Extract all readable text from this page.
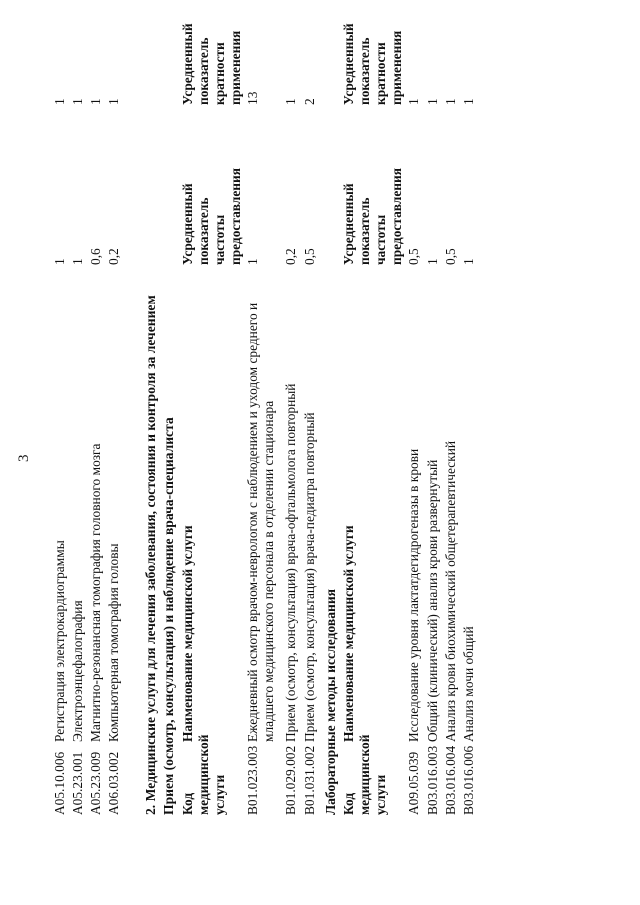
3
A05.10.006
Регистрация электрокардиограммы
1
1
A05.23.001
Электроэнцефалография
1
1
A05.23.009
Магнитно-резонансная томография головного мозга
0,6
1
A06.03.002
Компьютерная томография головы
0,2
1
2. Медицинские услуги для лечения заболевания, состояния и контроля за лечением Прием (осмотр, консультация) и наблюдение врача-специалиста Код медицинской услуги
Наименование медицинской услуги
Усредненный показатель частоты предоставления
Усредненный показатель кратности применения
B01.023.003
1
13
Ежедневный осмотр врачом-неврологом с наблюдением и уходом среднего и младшего медицинского персонала в отделении стационара
B01.029.002
Прием (осмотр, консультация) врача-офтальмолога повторный
0,2
1
B01.031.002
Прием (осмотр, консультация) врача-педиатра повторный
0,5
2
Лабораторные методы исследования Код медицинской услуги
Наименование медицинской услуги
Усредненный показатель частоты предоставления
Усредненный показатель кратности применения
A09.05.039
Исследование уровня лактатдегидрогеназы в крови
0,5
1
B03.016.003
Общий (клинический) анализ крови развернутый
1
1
B03.016.004
Анализ крови биохимический общетерапевтический
0,5
1
B03.016.006
Анализ мочи общий
1
1
